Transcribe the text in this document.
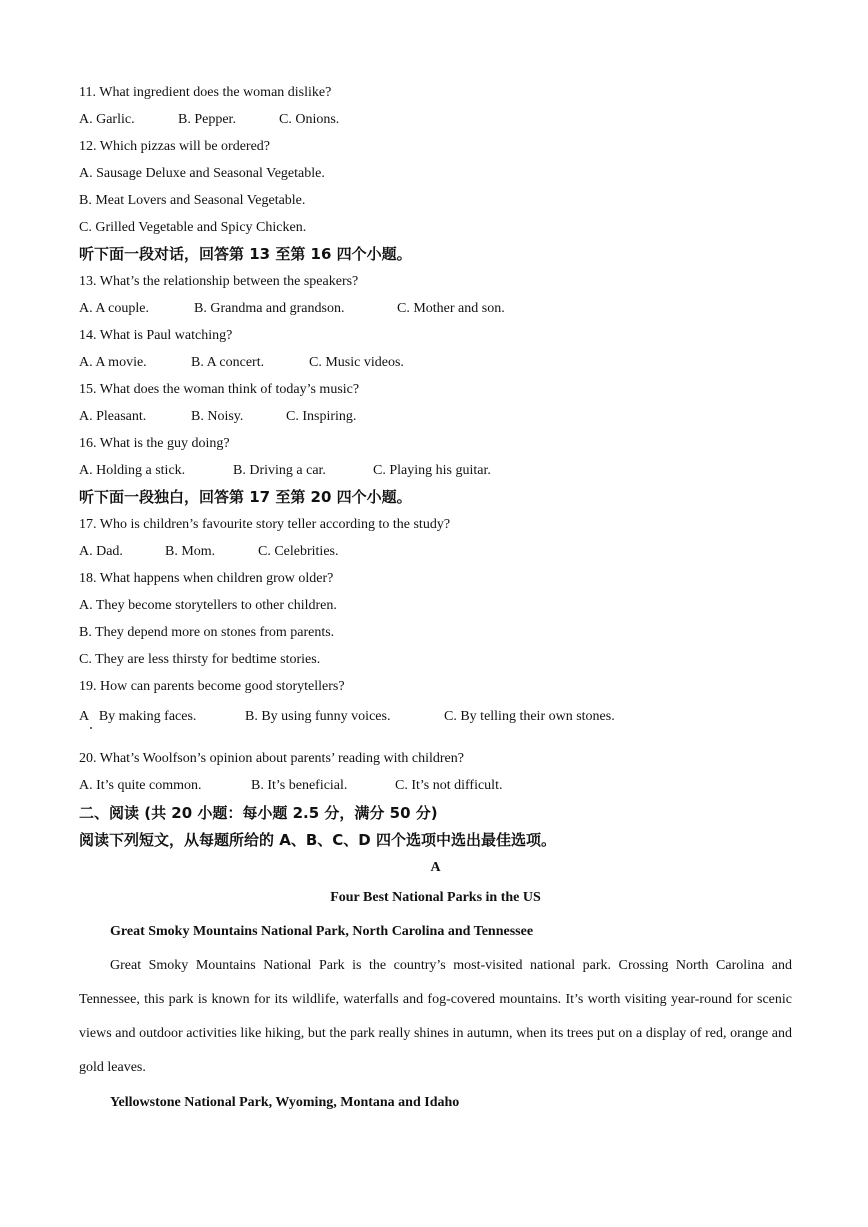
11. What ingredient does the woman dislike?
A. Garlic.	B. Pepper.	C. Onions.
12. Which pizzas will be ordered?
A. Sausage Deluxe and Seasonal Vegetable.
B. Meat Lovers and Seasonal Vegetable.
C. Grilled Vegetable and Spicy Chicken.
听下面一段对话，回答第 13 至第 16 四个小题。
13. What’s the relationship between the speakers?
A. A couple.	B. Grandma and grandson.	C. Mother and son.
14. What is Paul watching?
A. A movie.	B. A concert.	C. Music videos.
15. What does the woman think of today’s music?
A. Pleasant.	B. Noisy.	C. Inspiring.
16. What is the guy doing?
A. Holding a stick.	B. Driving a car.	C. Playing his guitar.
听下面一段独白，回答第 17 至第 20 四个小题。
17. Who is children’s favourite story teller according to the study?
A. Dad.	B. Mom.	C. Celebrities.
18. What happens when children grow older?
A. They become storytellers to other children.
B. They depend more on stones from parents.
C. They are less thirsty for bedtime stories.
19. How can parents become good storytellers?
A   By making faces.	B. By using funny voices.	C. By telling their own stones.
20. What’s Woolfson’s opinion about parents’ reading with children?
A. It’s quite common.	B. It’s beneficial.	C. It’s not difficult.
二、阅读 (共 20 小题：每小题 2.5 分，满分 50 分)
阅读下列短文，从每题所给的 A、B、C、D 四个选项中选出最佳选项。
A
Four Best National Parks in the US
Great Smoky Mountains National Park, North Carolina and Tennessee
Great Smoky Mountains National Park is the country’s most-visited national park. Crossing North Carolina and Tennessee, this park is known for its wildlife, waterfalls and fog-covered mountains. It’s worth visiting year-round for scenic views and outdoor activities like hiking, but the park really shines in autumn, when its trees put on a display of red, orange and gold leaves.
Yellowstone National Park, Wyoming, Montana and Idaho
